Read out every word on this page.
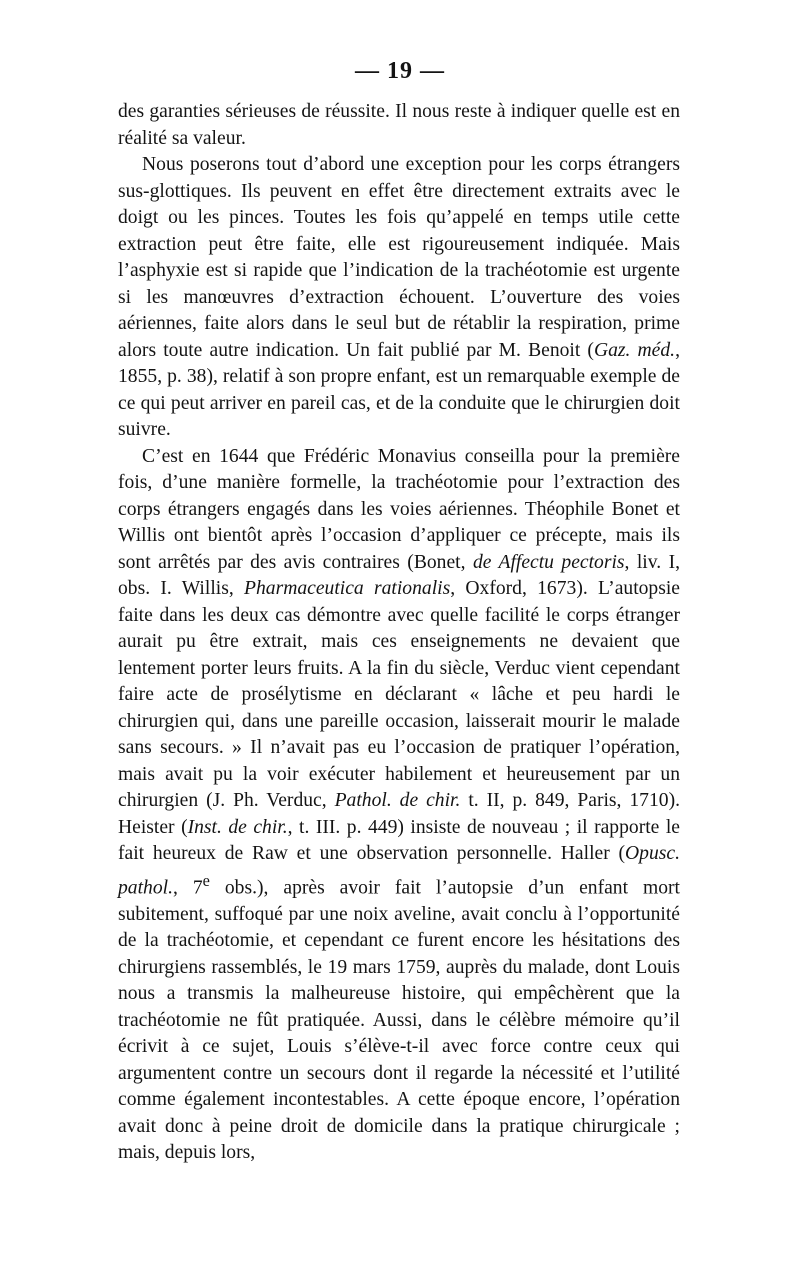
— 19 —

des garanties sérieuses de réussite. Il nous reste à indiquer quelle est en réalité sa valeur.

Nous poserons tout d’abord une exception pour les corps étrangers sus-glottiques. Ils peuvent en effet être directement extraits avec le doigt ou les pinces. Toutes les fois qu’appelé en temps utile cette extraction peut être faite, elle est rigoureusement indiquée. Mais l’asphyxie est si rapide que l’indication de la trachéotomie est urgente si les manœuvres d’extraction échouent. L’ouverture des voies aériennes, faite alors dans le seul but de rétablir la respiration, prime alors toute autre indication. Un fait publié par M. Benoit (Gaz. méd., 1855, p. 38), relatif à son propre enfant, est un remarquable exemple de ce qui peut arriver en pareil cas, et de la conduite que le chirurgien doit suivre.

C’est en 1644 que Frédéric Monavius conseilla pour la première fois, d’une manière formelle, la trachéotomie pour l’extraction des corps étrangers engagés dans les voies aériennes. Théophile Bonet et Willis ont bientôt après l’occasion d’appliquer ce précepte, mais ils sont arrêtés par des avis contraires (Bonet, de Affectu pectoris, liv. I, obs. I. Willis, Pharmaceutica rationalis, Oxford, 1673). L’autopsie faite dans les deux cas démontre avec quelle facilité le corps étranger aurait pu être extrait, mais ces enseignements ne devaient que lentement porter leurs fruits. A la fin du siècle, Verduc vient cependant faire acte de prosélytisme en déclarant « lâche et peu hardi le chirurgien qui, dans une pareille occasion, laisserait mourir le malade sans secours. » Il n’avait pas eu l’occasion de pratiquer l’opération, mais avait pu la voir exécuter habilement et heureusement par un chirurgien (J. Ph. Verduc, Pathol. de chir. t. II, p. 849, Paris, 1710). Heister (Inst. de chir., t. III. p. 449) insiste de nouveau ; il rapporte le fait heureux de Raw et une observation personnelle. Haller (Opusc. pathol., 7e obs.), après avoir fait l’autopsie d’un enfant mort subitement, suffoqué par une noix aveline, avait conclu à l’opportunité de la trachéotomie, et cependant ce furent encore les hésitations des chirurgiens rassemblés, le 19 mars 1759, auprès du malade, dont Louis nous a transmis la malheureuse histoire, qui empêchèrent que la trachéotomie ne fût pratiquée. Aussi, dans le célèbre mémoire qu’il écrivit à ce sujet, Louis s’élève-t-il avec force contre ceux qui argumentent contre un secours dont il regarde la nécessité et l’utilité comme également incontestables. A cette époque encore, l’opération avait donc à peine droit de domicile dans la pratique chirurgicale ; mais, depuis lors,
